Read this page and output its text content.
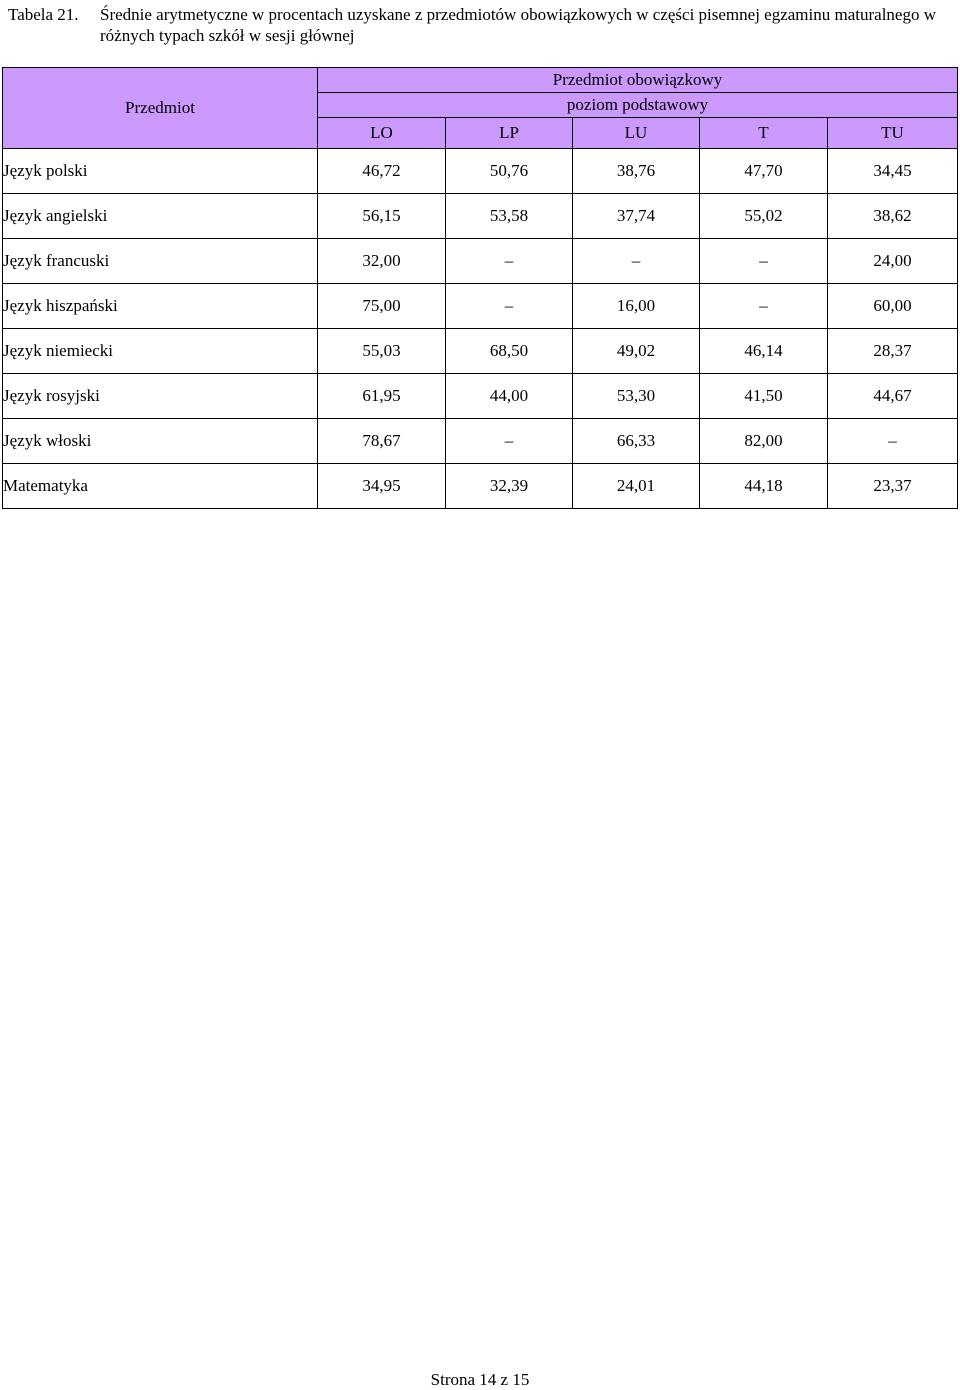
Tabela 21. Średnie arytmetyczne w procentach uzyskane z przedmiotów obowiązkowych w części pisemnej egzaminu maturalnego w różnych typach szkół w sesji głównej
Przedmiot	Przedmiot obowiązkowy				
	poziom podstawowy				
	LO	LP	LU	T	TU
Język polski	46,72	50,76	38,76	47,70	34,45
Język angielski	56,15	53,58	37,74	55,02	38,62
Język francuski	32,00	–	–	–	24,00
Język hiszpański	75,00	–	16,00	–	60,00
Język niemiecki	55,03	68,50	49,02	46,14	28,37
Język rosyjski	61,95	44,00	53,30	41,50	44,67
Język włoski	78,67	–	66,33	82,00	–
Matematyka	34,95	32,39	24,01	44,18	23,37
Strona 14 z 15
